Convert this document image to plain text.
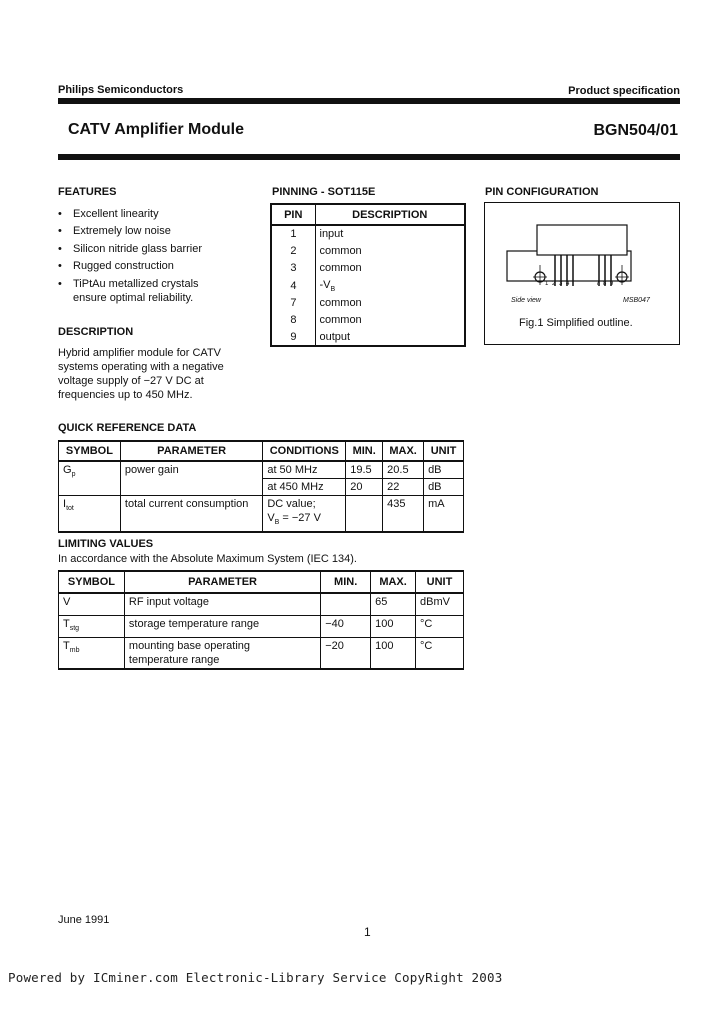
Philips Semiconductors	Product specification
CATV Amplifier Module	BGN504/01
FEATURES
• Excellent linearity
• Extremely low noise
• Silicon nitride glass barrier
• Rugged construction
• TiPtAu metallized crystals
ensure optimal reliability.
DESCRIPTION
Hybrid amplifier module for CATV
systems operating with a negative
voltage supply of −27 V DC at
frequencies up to 450 MHz.
PINNING - SOT115E
PIN	DESCRIPTION
1	input
2	common
3	common
4	$-V_B$
7	common
8	common
9	output
PIN CONFIGURATION
1 2 3 4	7 8 9
Side view	MSB047
Fig.1 Simplified outline.
QUICK REFERENCE DATA
SYMBOL	PARAMETER	CONDITIONS	MIN.	MAX.	UNIT
$G_p$	power gain	at 50 MHz	19.5	20.5	dB
		at 450 MHz	20	22	dB
$I_{tot}$	total current consumption	DC value;
$V_B = -27$ V		435	mA
LIMITING VALUES
In accordance with the Absolute Maximum System (IEC 134).
SYMBOL	PARAMETER	MIN.	MAX.	UNIT
V	RF input voltage		65	dBmV
$T_{stg}$	storage temperature range	−40	100	°C
$T_{mb}$	mounting base operating
temperature range	−20	100	°C
June 1991
1
Powered by ICminer.com Electronic-Library Service CopyRight 2003
